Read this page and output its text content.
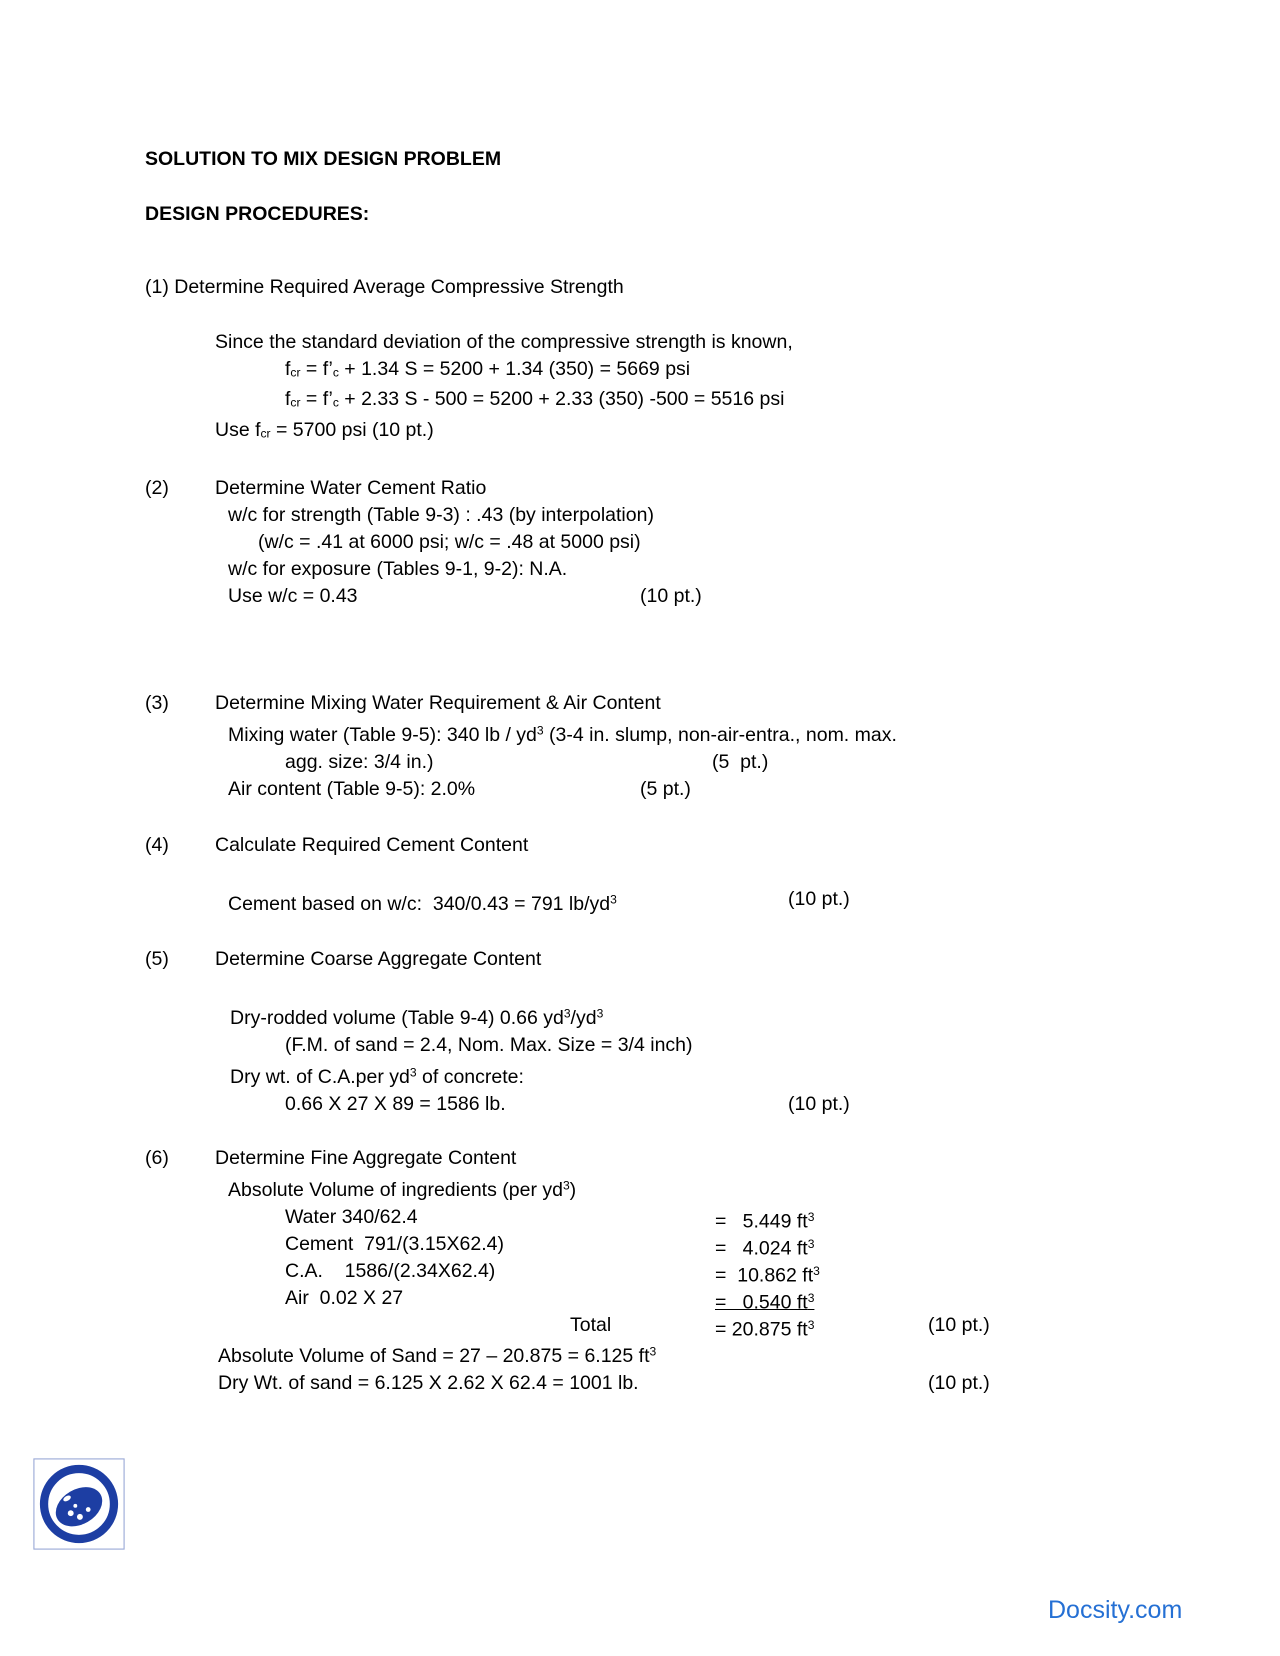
SOLUTION TO MIX DESIGN PROBLEM
DESIGN PROCEDURES:
(1) Determine Required Average Compressive Strength
Since the standard deviation of the compressive strength is known,
fcr = f’c + 1.34 S = 5200 + 1.34 (350) = 5669 psi
fcr = f’c + 2.33 S - 500 = 5200 + 2.33 (350) -500 = 5516 psi
Use fcr = 5700 psi (10 pt.)
(2) Determine Water Cement Ratio
w/c for strength (Table 9-3) : .43 (by interpolation)
(w/c = .41 at 6000 psi; w/c = .48 at 5000 psi)
w/c for exposure (Tables 9-1, 9-2): N.A.
Use w/c = 0.43	(10 pt.)
(3) Determine Mixing Water Requirement & Air Content
Mixing water (Table 9-5): 340 lb / $yd^3$ (3-4 in. slump, non-air-entra., nom. max.
agg. size: 3/4 in.)	(5  pt.)
Air content (Table 9-5): 2.0%	(5 pt.)
(4) Calculate Required Cement Content
Cement based on w/c:  340/0.43 = 791 $lb/yd^3$	(10 pt.)
(5) Determine Coarse Aggregate Content
Dry-rodded volume (Table 9-4) 0.66 $yd^3/yd^3$
(F.M. of sand = 2.4, Nom. Max. Size = 3/4 inch)
Dry wt. of C.A.per $yd^3$ of concrete:
0.66 X 27 X 89 = 1586 lb.	(10 pt.)
(6) Determine Fine Aggregate Content
Absolute Volume of ingredients (per $yd^3$)
Water 340/62.4	=   5.449 $ft^3$
Cement  791/(3.15X62.4)	=   4.024 $ft^3$
C.A.    1586/(2.34X62.4)	=  10.862 $ft^3$
Air  0.02 X 27	=   0.540 $ft^3$
Total	= 20.875 $ft^3$	(10 pt.)
Absolute Volume of Sand = 27 – 20.875 = 6.125 $ft^3$
Dry Wt. of sand = 6.125 X 2.62 X 62.4 = 1001 lb.	(10 pt.)
Docsity.com
